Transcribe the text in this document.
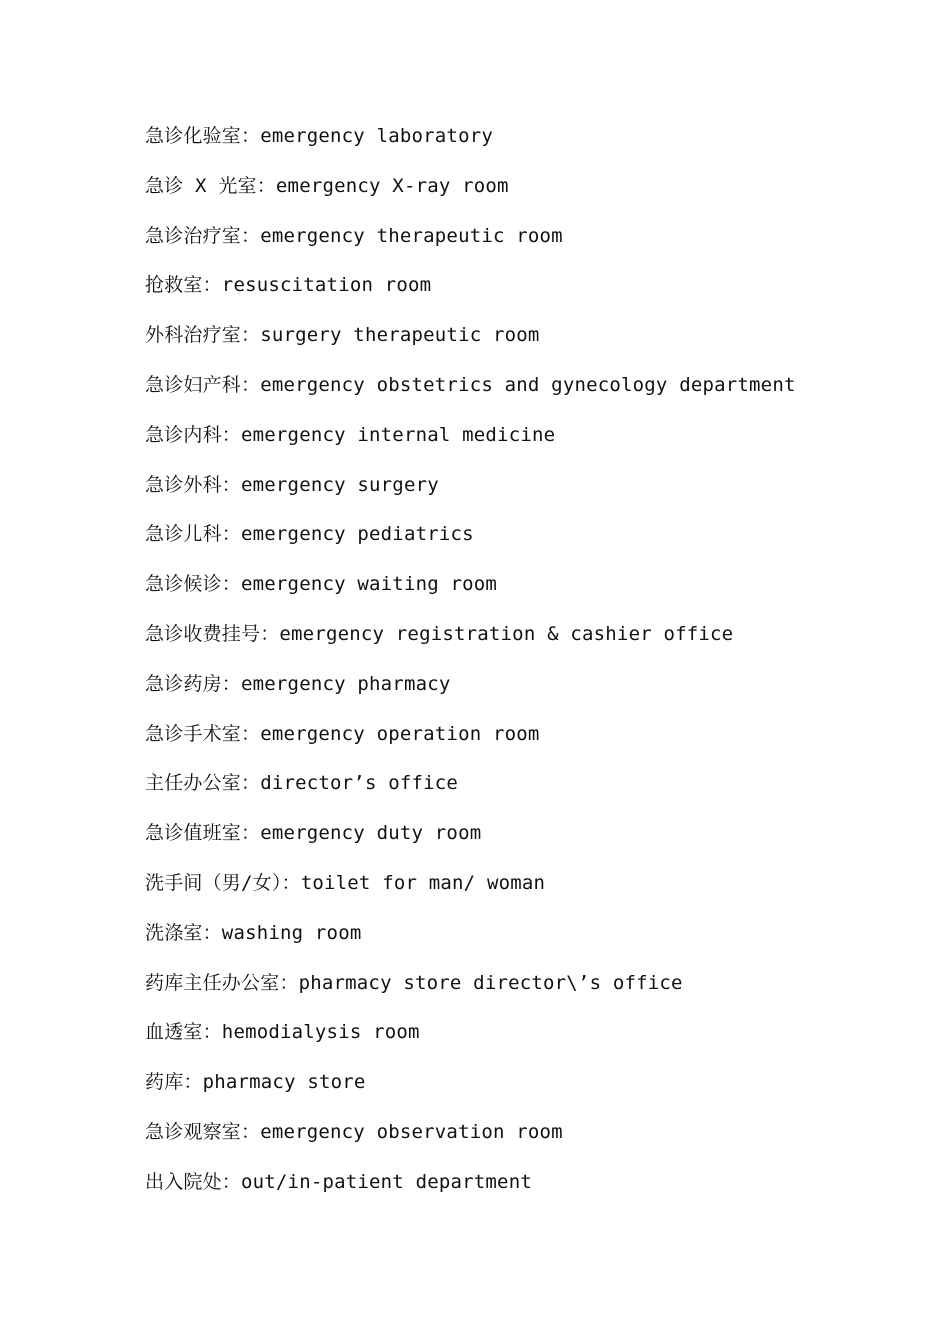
急诊化验室：emergency laboratory
急诊 X 光室：emergency X-ray room
急诊治疗室：emergency therapeutic room
抢救室：resuscitation room
外科治疗室：surgery therapeutic room
急诊妇产科：emergency obstetrics and gynecology department
急诊内科：emergency internal medicine
急诊外科：emergency surgery
急诊儿科：emergency pediatrics
急诊候诊：emergency waiting room
急诊收费挂号：emergency registration & cashier office
急诊药房：emergency pharmacy
急诊手术室：emergency operation room
主任办公室：director’s office
急诊值班室：emergency duty room
洗手间（男/女）：toilet for man/ woman
洗涤室：washing room
药库主任办公室：pharmacy store director\’s office
血透室：hemodialysis room
药库：pharmacy store
急诊观察室：emergency observation room
出入院处：out/in-patient department
